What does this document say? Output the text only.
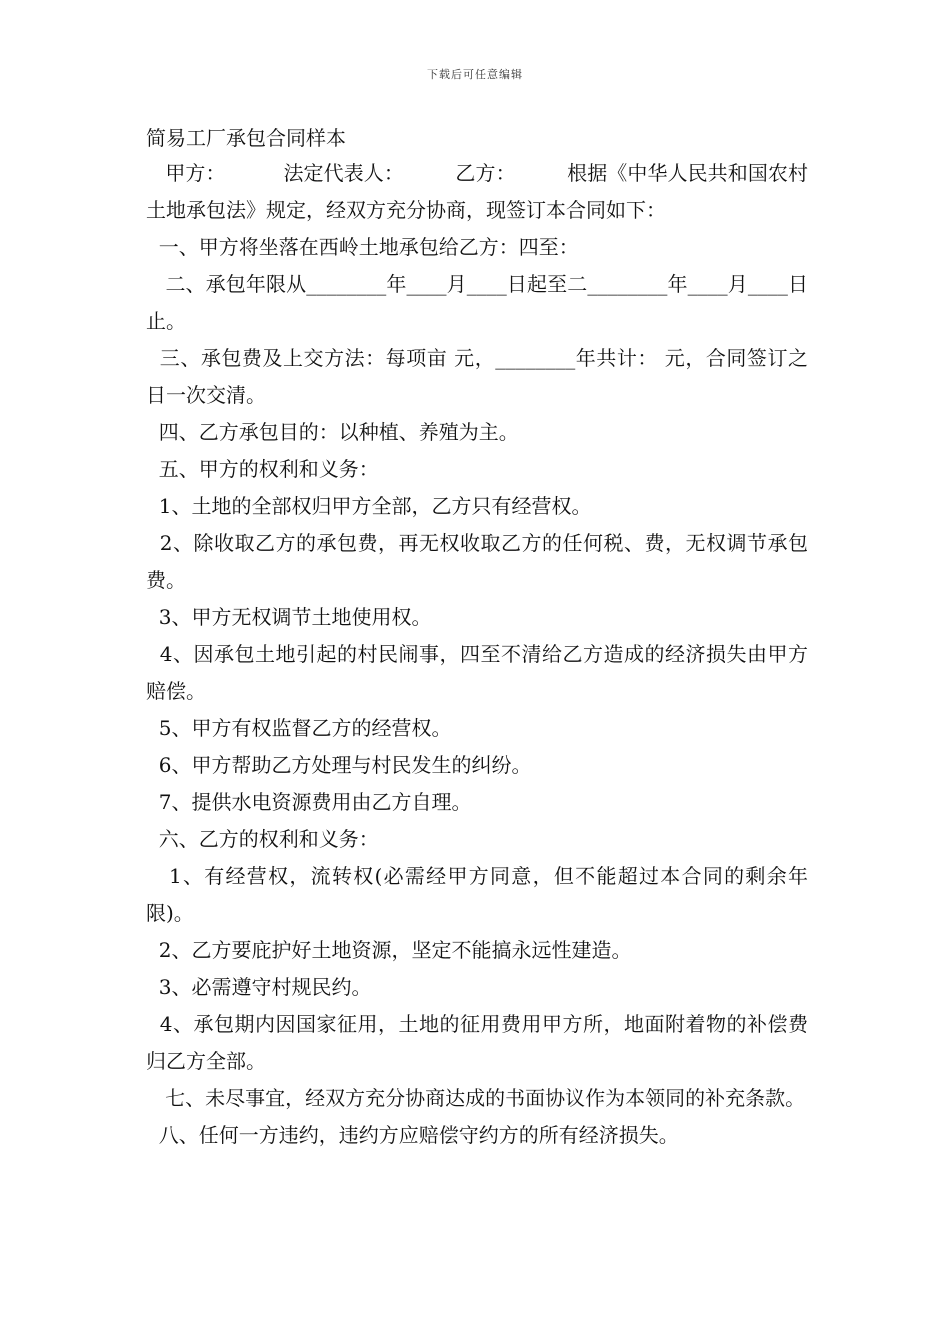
下载后可任意编辑
简易工厂承包合同样本

甲方：         法定代表人：        乙方：        根据《中华人民共和国农村土地承包法》规定，经双方充分协商，现签订本合同如下：

一、甲方将坐落在西岭土地承包给乙方：四至：

二、承包年限从________年____月____日起至二________年____月____日止。

三、承包费及上交方法：每项亩 元，________年共计： 元，合同签订之日一次交清。

四、乙方承包目的：以种植、养殖为主。

五、甲方的权利和义务：

1、土地的全部权归甲方全部，乙方只有经营权。

2、除收取乙方的承包费，再无权收取乙方的任何税、费，无权调节承包费。

3、甲方无权调节土地使用权。

4、因承包土地引起的村民闹事，四至不清给乙方造成的经济损失由甲方赔偿。

5、甲方有权监督乙方的经营权。

6、甲方帮助乙方处理与村民发生的纠纷。

7、提供水电资源费用由乙方自理。

六、乙方的权利和义务：

1、有经营权，流转权(必需经甲方同意，但不能超过本合同的剩余年限)。

2、乙方要庇护好土地资源，坚定不能搞永远性建造。

3、必需遵守村规民约。

4、承包期内因国家征用，土地的征用费用甲方所，地面附着物的补偿费归乙方全部。

七、未尽事宜，经双方充分协商达成的书面协议作为本领同的补充条款。

八、任何一方违约，违约方应赔偿守约方的所有经济损失。
